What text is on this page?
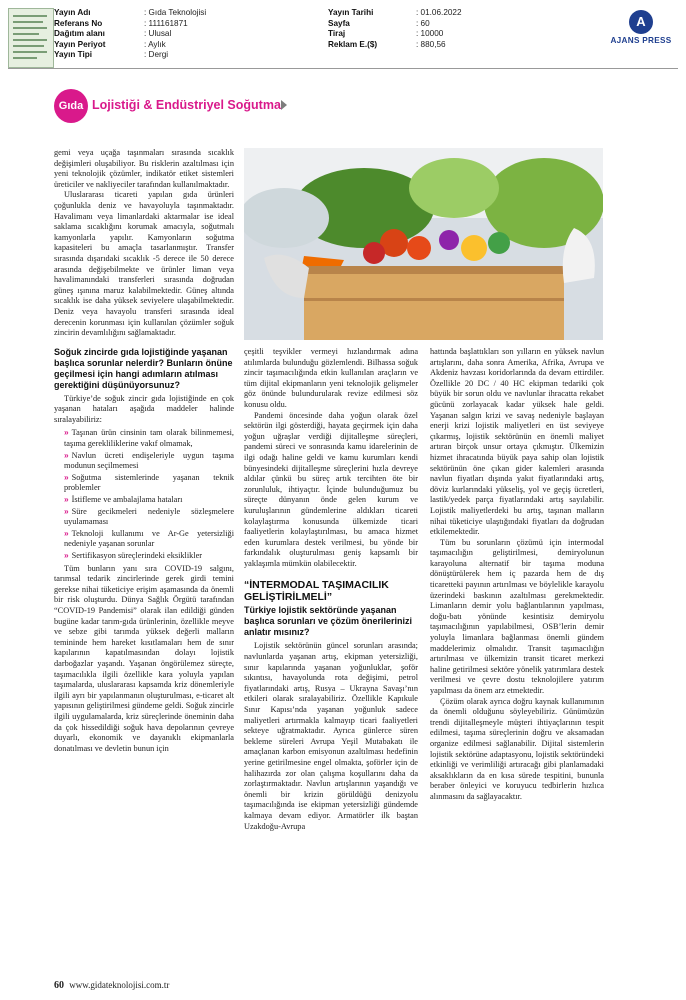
Yayın Adı	: Gıda Teknolojisi
Referans No	: 111161871
Dağıtım alanı	: Ulusal
Yayın Periyot	: Aylık
Yayın Tipi	: Dergi
Yayın Tarihi	: 01.06.2022
Sayfa	: 60
Tiraj	: 10000
Reklam E.($)	: 880,56
A
AJANS PRESS
Gıda Lojistiği & Endüstriyel Soğutma

gemi veya uçağa taşınmaları sırasında sıcaklık değişimleri oluşabiliyor. Bu risklerin azaltılması için yeni teknolojik çözümler, indikatör etiket sistemleri üreticiler ve nakliyeciler tarafından kullanılmaktadır.

Uluslararası ticareti yapılan gıda ürünleri çoğunlukla deniz ve havayoluyla taşınmaktadır. Havalimanı veya limanlardaki aktarmalar ise ideal saklama sıcaklığını korumak amacıyla, soğutmalı kamyonlarla yapılır. Kamyonların soğutma kapasiteleri bu amaçla tasarlanmıştır. Transfer sırasında dışarıdaki sıcaklık -5 derece ile 50 derece arasında değişebilmekte ve ürünler liman veya havalimanındaki transferleri sırasında doğrudan güneş ışınına maruz kalabilmektedir. Güneş altında sıcaklık ise daha yüksek seviyelere ulaşabilmektedir. Deniz veya havayolu transferi sırasında ideal derecenin korunması için kullanılan çözümler soğuk zincirin devamlılığını sağlamaktadır.

Soğuk zincirde gıda lojistiğinde yaşanan başlıca sorunlar nelerdir? Bunların önüne geçilmesi için hangi adımların atılması gerektiğini düşünüyorsunuz?

Türkiye’de soğuk zincir gıda lojistiğinde en çok yaşanan hataları aşağıda maddeler halinde sıralayabiliriz:

» Taşınan ürün cinsinin tam olarak bilinmemesi, taşıma gerekliliklerine vakıf olmamak,
» Navlun ücreti endişeleriyle uygun taşıma modunun seçilmemesi
» Soğutma sistemlerinde yaşanan teknik problemler
» İstifleme ve ambalajlama hataları
» Süre gecikmeleri nedeniyle sözleşmelere uyulamaması
» Teknoloji kullanımı ve Ar-Ge yetersizliği nedeniyle yaşanan sorunlar
» Sertifikasyon süreçlerindeki eksiklikler

Tüm bunların yanı sıra COVID-19 salgını, tarımsal tedarik zincirlerinde gerek girdi temini gerekse nihai tüketiciye erişim aşamasında da önemli bir risk oluşturdu. Dünya Sağlık Örgütü tarafından “COVID-19 Pandemisi” olarak ilan edildiği günden bugüne kadar tarım-gıda ürünlerinin, özellikle meyve ve sebze gibi tarımda yüksek değerli malların temininde hem hareket kısıtlamaları hem de sınır kapılarının kapatılmasından dolayı lojistik darboğazlar yaşandı. Yaşanan öngörülemez süreçte, taşımacılıkla ilgili özellikle kara yoluyla yapılan taşımalarda, uluslararası kapsamda kriz dönemleriyle ilgili ayrı bir yapılanmanın oluşturulması, e-ticaret alt yapısının geliştirilmesi gündeme geldi. Soğuk zincirle ilgili uygulamalarda, kriz süreçlerinde öneminin daha da çok hissedildiği soğuk hava depolarının çevreye duyarlı, ekonomik ve dayanıklı ekipmanlarla donatılması ve devletin bunun için

çeşitli teşvikler vermeyi hızlandırmak adına atılımlarda bulunduğu gözlemlendi. Bilhassa soğuk zincir taşımacılığında etkin kullanılan araçların ve tüm dijital ekipmanların yeni teknolojik gelişmeler göz önünde bulundurularak revize edilmesi söz konusu oldu.

Pandemi öncesinde daha yoğun olarak özel sektörün ilgi gösterdiği, hayata geçirmek için daha yoğun uğraşlar verdiği dijitalleşme süreçleri, pandemi süreci ve sonrasında kamu idarelerinin de ilgi odağı haline geldi ve kamu kurumları kendi bünyesindeki dijitalleşme süreçlerini hızla devreye aldılar çünkü bu süreç artık tercihten öte bir zorunluluk, ihtiyaçtır. İçinde bulunduğumuz bu süreçte dünyanın önde gelen kurum ve kuruluşlarının gündemlerine aldıkları ticareti kolaylaştırma konusunda ülkemizde ticari faaliyetlerin kolaylaştırılması, bu amaca hizmet eden kurumlara destek verilmesi, bu yönde bir farkındalık oluşturulması geniş kapsamlı bir yaklaşımla mümkün olabilecektir.

“İNTERMODAL TAŞIMACILIK GELİŞTİRİLMELİ”
Türkiye lojistik sektöründe yaşanan başlıca sorunları ve çözüm önerilerinizi anlatır mısınız?

Lojistik sektörünün güncel sorunları arasında; navlunlarda yaşanan artış, ekipman yetersizliği, sınır kapılarında yaşanan yoğunluklar, şoför sıkıntısı, havayolunda rota değişimi, petrol fiyatlarındaki artış, Rusya – Ukrayna Savaşı’nın etkileri olarak sıralayabiliriz. Özellikle Kapıkule Sınır Kapısı’nda yaşanan yoğunluk sadece maliyetleri artırmakla kalmayıp ticari faaliyetleri sekteye uğratmaktadır. Ayrıca günlerce süren bekleme süreleri Avrupa Yeşil Mutabakatı ile amaçlanan karbon emisyonun azaltılması hedefinin yerine getirilmesine engel olmakta, şoförler için de halihazırda zor olan çalışma koşullarını daha da zorlaştırmaktadır. Navlun artışlarının yaşandığı ve önemli bir krizin görüldüğü denizyolu taşımacılığında ise ekipman yetersizliği gündemde kalmaya devam ediyor. Armatörler ilk baştan Uzakdoğu-Avrupa

hattında başlattıkları son yılların en yüksek navlun artışlarını, daha sonra Amerika, Afrika, Avrupa ve Akdeniz havzası koridorlarında da devam ettirdiler. Özellikle 20 DC / 40 HC ekipman tedariki çok büyük bir sorun oldu ve navlunlar ihracatta rekabet gücünü zorlayacak kadar yüksek hale geldi. Yaşanan salgın krizi ve savaş nedeniyle başlayan enerji krizi lojistik maliyetleri en üst seviyeye çıkarmış, lojistik sektörünün en önemli maliyet artıran birçok unsur ortaya çıkmıştır. Ülkemizin hizmet ihracatında büyük paya sahip olan lojistik sektörünün öne çıkan gider kalemleri arasında navlun fiyatları dışında yakıt fiyatlarındaki artış, döviz kurlarındaki yükseliş, yol ve geçiş ücretleri, lastik/yedek parça fiyatlarındaki artış sayılabilir. Lojistik maliyetlerdeki bu artış, taşınan malların nihai tüketiciye ulaştığındaki fiyatları da doğrudan etkilemektedir.

Tüm bu sorunların çözümü için intermodal taşımacılığın geliştirilmesi, demiryolunun karayoluna alternatif bir taşıma moduna dönüştürülerek hem iç pazarda hem de dış ticaretteki payının artırılması ve böylelikle karayolu üzerindeki baskının azaltılması gerekmektedir. Limanların demir yolu bağlantılarının yapılması, doğu-batı yönünde kesintisiz demiryolu taşımacılığının yapılabilmesi, OSB’lerin demir yoluyla limanlara bağlanması önemli gündem maddelerimiz olmalıdır. Transit taşımacılığın artırılması ve ülkemizin transit ticaret merkezi haline getirilmesi sektöre yönelik yatırımlara destek verilmesi ve çevre dostu teknolojilere yatırım yapılması da önem arz etmektedir.

Çözüm olarak ayrıca doğru kaynak kullanımının da önemli olduğunu söyleyebiliriz. Günümüzün trendi dijitalleşmeyle müşteri ihtiyaçlarının tespit edilmesi, taşıma süreçlerinin doğru ve aksamadan organize edilmesi sağlanabilir. Dijital sistemlerin lojistik sektörüne adaptasyonu, lojistik sektöründeki etkinliği ve verimliliği artıracağı gibi planlamadaki aksaklıkların da en kısa sürede tespitini, bununla beraber önleyici ve koruyucu tedbirlerin hızlıca alınmasını da sağlayacaktır.

60 www.gidateknolojisi.com.tr
